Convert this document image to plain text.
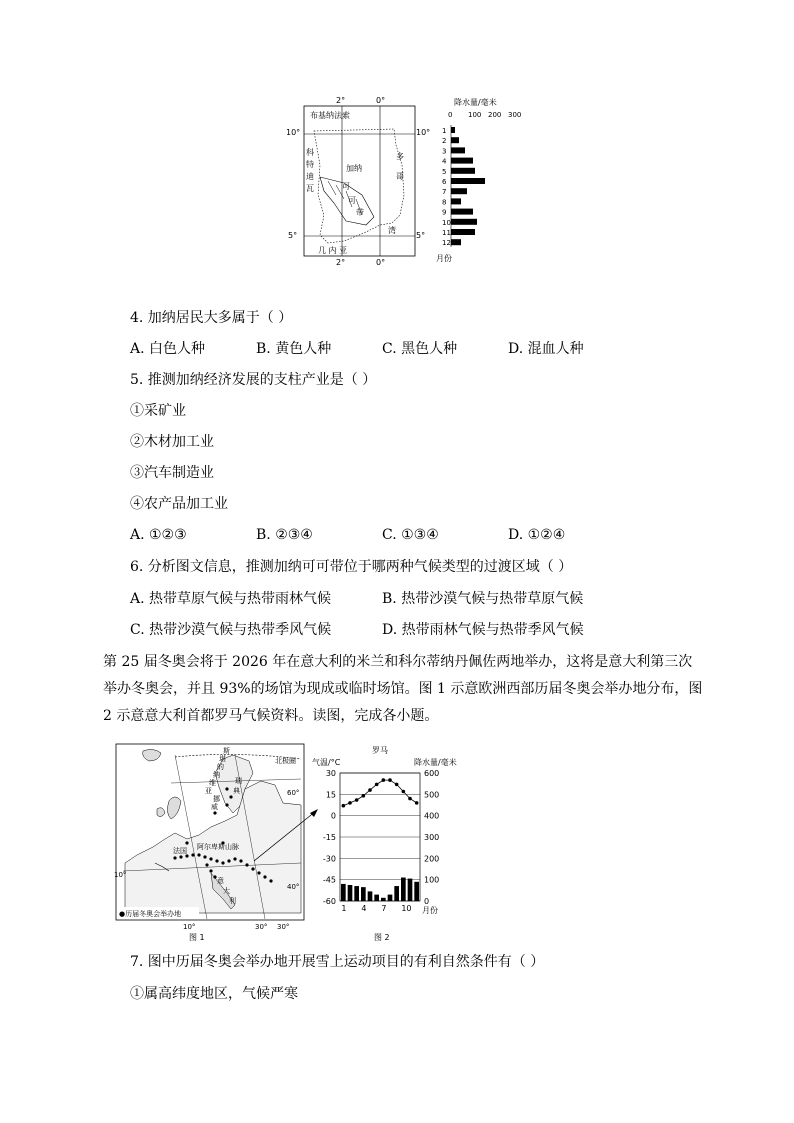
2°	0°
2°	0°
10°
5°
10°
5°
布基纳法索
科
特
迪
瓦
多
哥
加纳
可
可
带
几 内 亚
湾
降水量/毫米
0 100 200 300
1
2
3
4
5
6
7
8
9
10
11
12
月份
4. 加纳居民大多属于（ ）
A. 白色人种	B. 黄色人种	C. 黑色人种	D. 混血人种
5. 推测加纳经济发展的支柱产业是（ ）
①采矿业
②木材加工业
③汽车制造业
④农产品加工业
A. ①②③	B. ②③④	C. ①③④	D. ①②④
6. 分析图文信息，推测加纳可可带位于哪两种气候类型的过渡区域（ ）
A. 热带草原气候与热带雨林气候	B. 热带沙漠气候与热带草原气候
C. 热带沙漠气候与热带季风气候	D. 热带雨林气候与热带季风气候
第 25 届冬奥会将于 2026 年在意大利的米兰和科尔蒂纳丹佩佐两地举办，这将是意大利第三次举办冬奥会，并且 93%的场馆为现成或临时场馆。图 1 示意欧洲西部历届冬奥会举办地分布，图 2 示意意大利首都罗马气候资料。读图，完成各小题。
斯
堪
的
纳
维
亚
挪
威
瑞
典
北极圈
法国 阿尔卑斯山脉
意
大
利
30°
60°
40°
10°
10°	30°
●历届冬奥会举办地
图 1
罗马
气温/°C	降水量/毫米
30	600
15	500
0	400
-15	300
-30	200
-45	100
-60	0
1 4 7 10 月份
图 2
7. 图中历届冬奥会举办地开展雪上运动项目的有利自然条件有（ ）
①属高纬度地区，气候严寒
